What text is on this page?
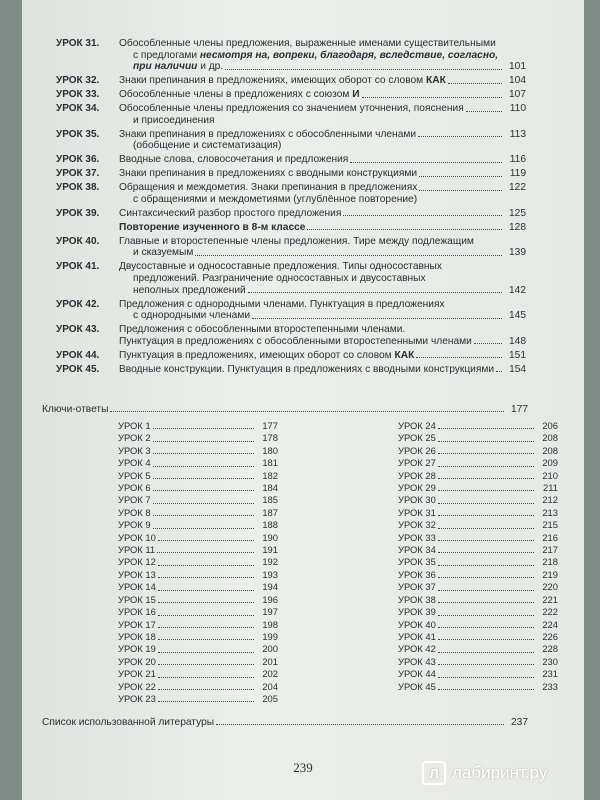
УРОК 31.	Обособленные члены предложения, выраженные именами существительными
с предлогами несмотря на, вопреки, благодаря, вследствие, согласно,
при наличии и др.	101
УРОК 32.	Знаки препинания в предложениях, имеющих оборот со словом КАК	104
УРОК 33.	Обособленные члены в предложениях с союзом И	107
УРОК 34.	Обособленные члены предложения со значением уточнения, пояснения	110
и присоединения
УРОК 35.	Знаки препинания в предложениях с обособленными членами	113
(обобщение и систематизация)
УРОК 36.	Вводные слова, словосочетания и предложения	116
УРОК 37.	Знаки препинания в предложениях с вводными конструкциями	119
УРОК 38.	Обращения и междометия. Знаки препинания в предложениях	122
с обращениями и междометиями (углублённое повторение)
УРОК 39.	Синтаксический разбор простого предложения	125
Повторение изученного в 8-м классе	128
УРОК 40.	Главные и второстепенные члены предложения. Тире между подлежащим
и сказуемым	139
УРОК 41.	Двусоставные и односоставные предложения. Типы односоставных
предложений. Разграничение односоставных и двусоставных
неполных предложений	142
УРОК 42.	Предложения с однородными членами. Пунктуация в предложениях
с однородными членами	145
УРОК 43.	Предложения с обособленными второстепенными членами.
Пунктуация в предложениях с обособленными второстепенными членами	148
УРОК 44.	Пунктуация в предложениях, имеющих оборот со словом КАК	151
УРОК 45.	Вводные конструкции. Пунктуация в предложениях с вводными конструкциями	154
Ключи-ответы	177
УРОК 1	177
УРОК 2	178
УРОК 3	180
УРОК 4	181
УРОК 5	182
УРОК 6	184
УРОК 7	185
УРОК 8	187
УРОК 9	188
УРОК 10	190
УРОК 11	191
УРОК 12	192
УРОК 13	193
УРОК 14	194
УРОК 15	196
УРОК 16	197
УРОК 17	198
УРОК 18	199
УРОК 19	200
УРОК 20	201
УРОК 21	202
УРОК 22	204
УРОК 23	205
УРОК 24	206
УРОК 25	208
УРОК 26	208
УРОК 27	209
УРОК 28	210
УРОК 29	211
УРОК 30	212
УРОК 31	213
УРОК 32	215
УРОК 33	216
УРОК 34	217
УРОК 35	218
УРОК 36	219
УРОК 37	220
УРОК 38	221
УРОК 39	222
УРОК 40	224
УРОК 41	226
УРОК 42	228
УРОК 43	230
УРОК 44	231
УРОК 45	233
Список использованной литературы	237
239	Л лабиринт.ру
